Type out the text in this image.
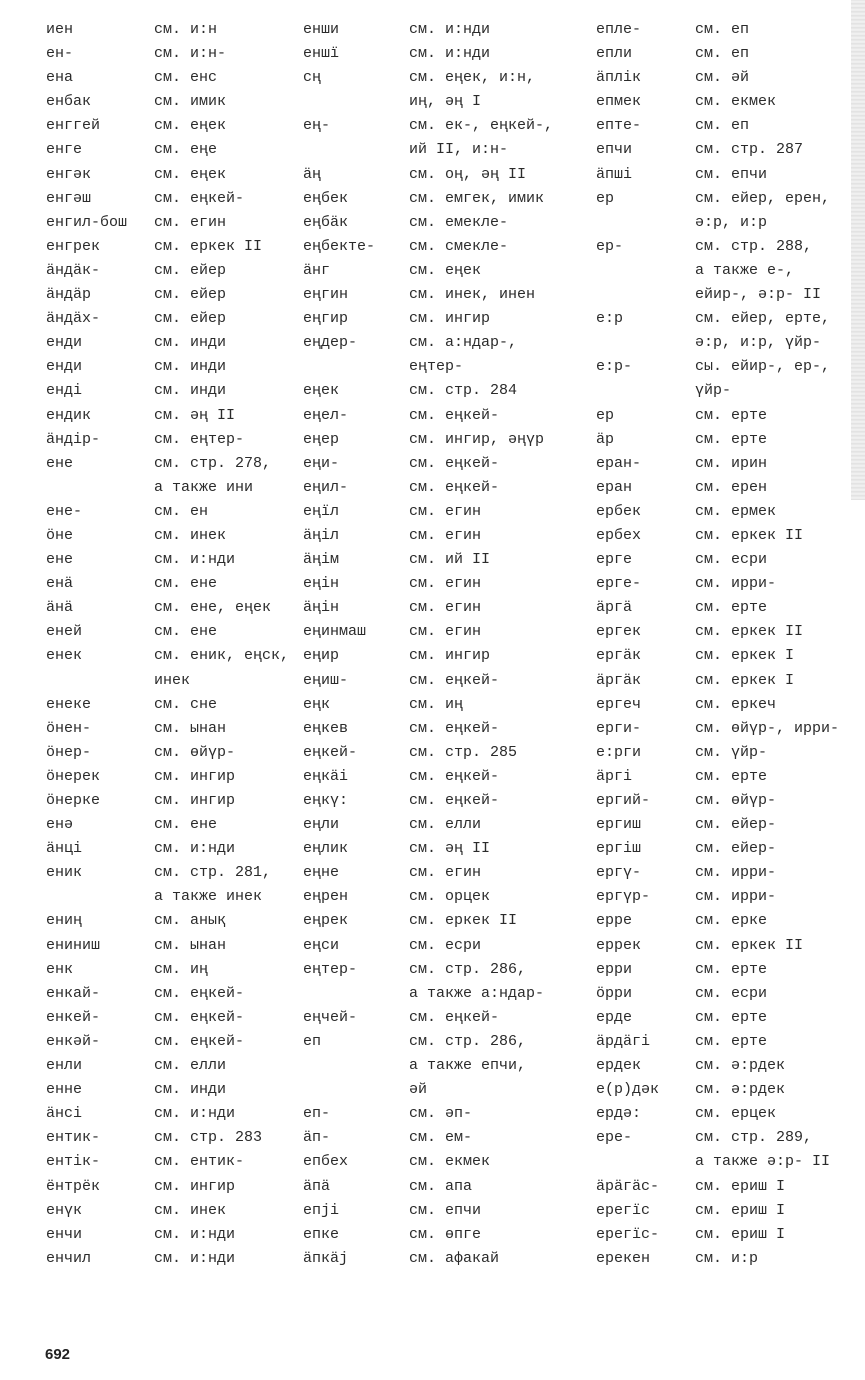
иен	см. и:н
ен-	см. и:н-
ена	см. енс
енбак	см. имик
енггей	см. еңек
енгe	см. еңе
енгəк	см. еңек
енгəш	см. еңкей-
енгил-бош	см. егин
енгрек	см. еркек II
äндäк-	см. ейер
äндäр	см. ейер
äндäх-	см. ейер
енди	см. инди
енди	см. инди
енді	см. инди
ендик	см. əң II
äндір-	см. еңтер-
ене	см. стр. 278,
а также ини
ене-	см. ен
öне	см. инек
ене	см. и:нди
енä	см. ене
äнä	см. ене, еңек
еней	см. ене
енек	см. еник, еңск,
инек
енеке	см. сне
öнен-	см. ынан
öнер-	см. өйүр-
öнерек	см. ингир
öнеркe	см. ингир
енə	см. ене
äнці	см. и:нди
еник	см. стр. 281,
а также инек
ениң	см. анық
ениниш	см. ынан
енк	см. иң
енкай-	см. еңкей-
енкей-	см. еңкей-
енкəй-	см. еңкей-
енли	см. елли
енне	см. инди
äнсі	см. и:нди
ентик-	см. стр. 283
ентік-	см. ентик-
ëнтрëк	см. ингир
енүк	см. инек
енчи	см. и:нди
енчил	см. и:нди
енши	см. и:нди
еншї	см. и:нди
сң	см. еңек, и:н,
иң, əң I
ең-	см. ек-, еңкей-,
ий II, и:н-
äң	см. оң, əң II
еңбек	см. емгек, имик
еңбäк	см. емекле-
еңбекте-	см. смекле-
äнг	см. еңек
еңгин	см. инек, инен
еңгир	см. ингир
еңдер-	см. а:ндар-,
еңтер-
еңек	см. стр. 284
еңел-	см. еңкей-
еңер	см. ингир, əңүр
еңи-	см. еңкей-
еңил-	см. еңкей-
еңїл	см. егин
äңіл	см. егин
äңім	см. ий II
еңін	см. егин
äңін	см. егин
еңинмаш	см. егин
еңир	см. ингир
еңиш-	см. еңкей-
еңк	см. иң
еңкев	см. еңкей-
еңкей-	см. стр. 285
еңкäі	см. еңкей-
еңкү:	см. еңкей-
еңли	см. елли
еңлик	см. əң II
еңне	см. егин
еңрен	см. орцек
еңрек	см. еркек II
еңси	см. есри
еңтер-	см. стр. 286,
а также а:ндар-
еңчей-	см. еңкей-
еп	см. стр. 286,
а также епчи,
əй
еп-	см. əп-
äп-	см. ем-
епбех	см. екмек
äпä	см. апа
епјі	см. епчи
епке	см. өпге
äпкäј	см. афакай
епле-	см. еп
епли	см. еп
äплік	см. əй
епмек	см. екмек
епте-	см. еп
епчи	см. стр. 287
äпші	см. епчи
ер	см. ейер, ерен,
ə:р, и:р
ер-	см. стр. 288,
а также е-,
ейир-, ə:р- II
е:р	см. ейер, ерте,
ə:р, и:р, үйр-
е:р-	сы. ейир-, ер-,
үйр-
ер	см. ерте
äр	см. ерте
еран-	см. ирин
еран	см. ерен
ербек	см. ермек
ербех	см. еркек II
ерге	см. есри
ерге-	см. ирри-
äргä	см. ерте
ергек	см. еркек II
ергäк	см. еркек I
äргäк	см. еркек I
ергеч	см. еркеч
ерги-	см. өйүр-, ирри-
е:рги	см. үйр-
äргі	см. ерте
ергий-	см. өйүр-
ергиш	см. ейер-
ергіш	см. ейер-
ергү-	см. ирри-
ергүр-	см. ирри-
ерре	см. ерке
еррек	см. еркек II
ерри	см. ерте
öрри	см. есри
ерде	см. ерте
äрдäгі	см. ерте
ердек	см. ə:рдек
е(р)дəк	см. ə:рдек
ердə:	см. ерцек
ере-	см. стр. 289,
а также ə:р- II
äрäгäс-	см. ериш I
ерегїс	см. ериш I
ерегїс-	см. ериш I
ерекен	см. и:р
692
